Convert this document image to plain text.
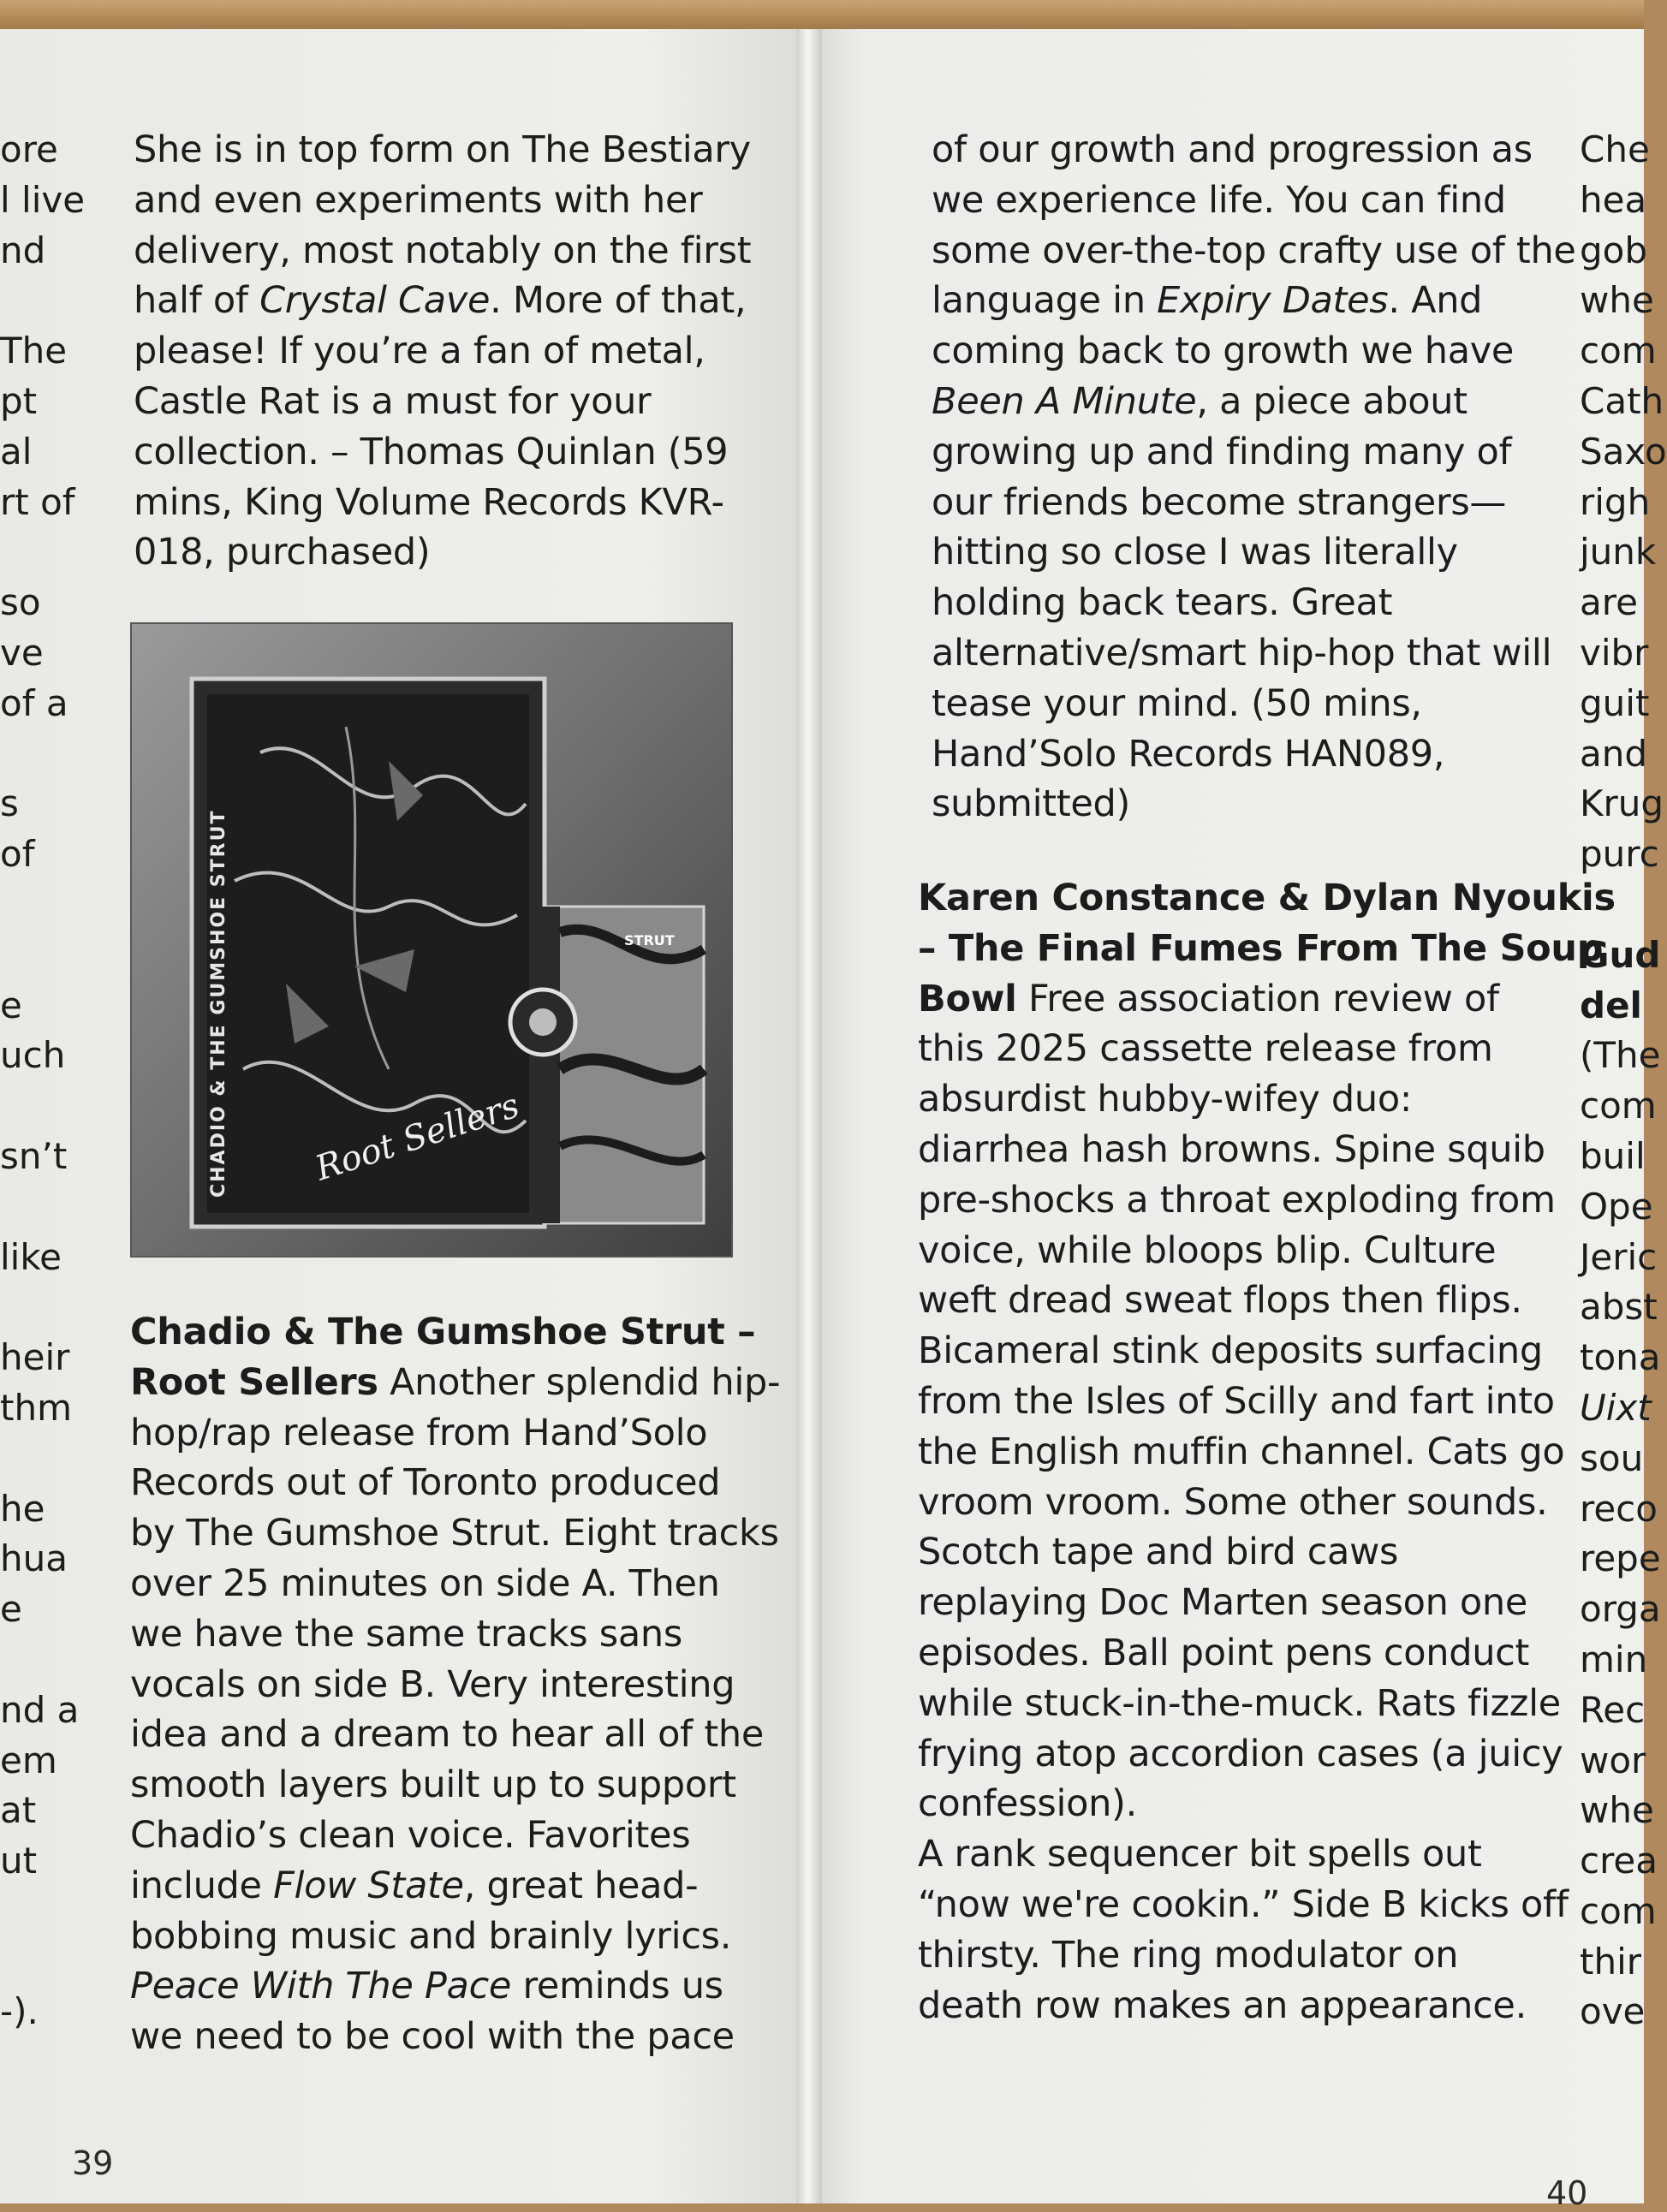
ore
l live
nd
The
pt
al
rt of
so
ve
of a
s
of
e
uch
sn’t
like
heir
thm
he
hua
e
nd a
em
at
ut
-).
She is in top form on The Bestiary
and even experiments with her
delivery, most notably on the first
half of Crystal Cave. More of that,
please! If you’re a fan of metal,
Castle Rat is a must for your
collection. – Thomas Quinlan (59
mins, King Volume Records KVR-
018, purchased)
CHADIO & THE GUMSHOE STRUT Root Sellers
STRUT
Chadio & The Gumshoe Strut –
Root Sellers Another splendid hip-
hop/rap release from Hand’Solo
Records out of Toronto produced
by The Gumshoe Strut. Eight tracks
over 25 minutes on side A. Then
we have the same tracks sans
vocals on side B. Very interesting
idea and a dream to hear all of the
smooth layers built up to support
Chadio’s clean voice. Favorites
include Flow State, great head-
bobbing music and brainly lyrics.
Peace With The Pace reminds us
we need to be cool with the pace
39
of our growth and progression as
we experience life. You can find
some over-the-top crafty use of the
language in Expiry Dates. And
coming back to growth we have
Been A Minute, a piece about
growing up and finding many of
our friends become strangers—
hitting so close I was literally
holding back tears. Great
alternative/smart hip-hop that will
tease your mind. (50 mins,
Hand’Solo Records HAN089,
submitted)
Karen Constance & Dylan Nyoukis
– The Final Fumes From The Soup
Bowl Free association review of
this 2025 cassette release from
absurdist hubby-wifey duo:
diarrhea hash browns. Spine squib
pre-shocks a throat exploding from
voice, while bloops blip. Culture
weft dread sweat flops then flips.
Bicameral stink deposits surfacing
from the Isles of Scilly and fart into
the English muffin channel. Cats go
vroom vroom. Some other sounds.
Scotch tape and bird caws
replaying Doc Marten season one
episodes. Ball point pens conduct
while stuck-in-the-muck. Rats fizzle
frying atop accordion cases (a juicy
confession).
A rank sequencer bit spells out
“now we're cookin.” Side B kicks off
thirsty. The ring modulator on
death row makes an appearance.
Che
hea
gob
whe
com
Cath
Saxo
righ
junk
are
vibr
guit
and
Krug
purc
Gud
del
(The
com
buil
Ope
Jeric
abst
tona
Uixt
sou
reco
repe
orga
min
Rec
wor
whe
crea
com
thir
ove
40
